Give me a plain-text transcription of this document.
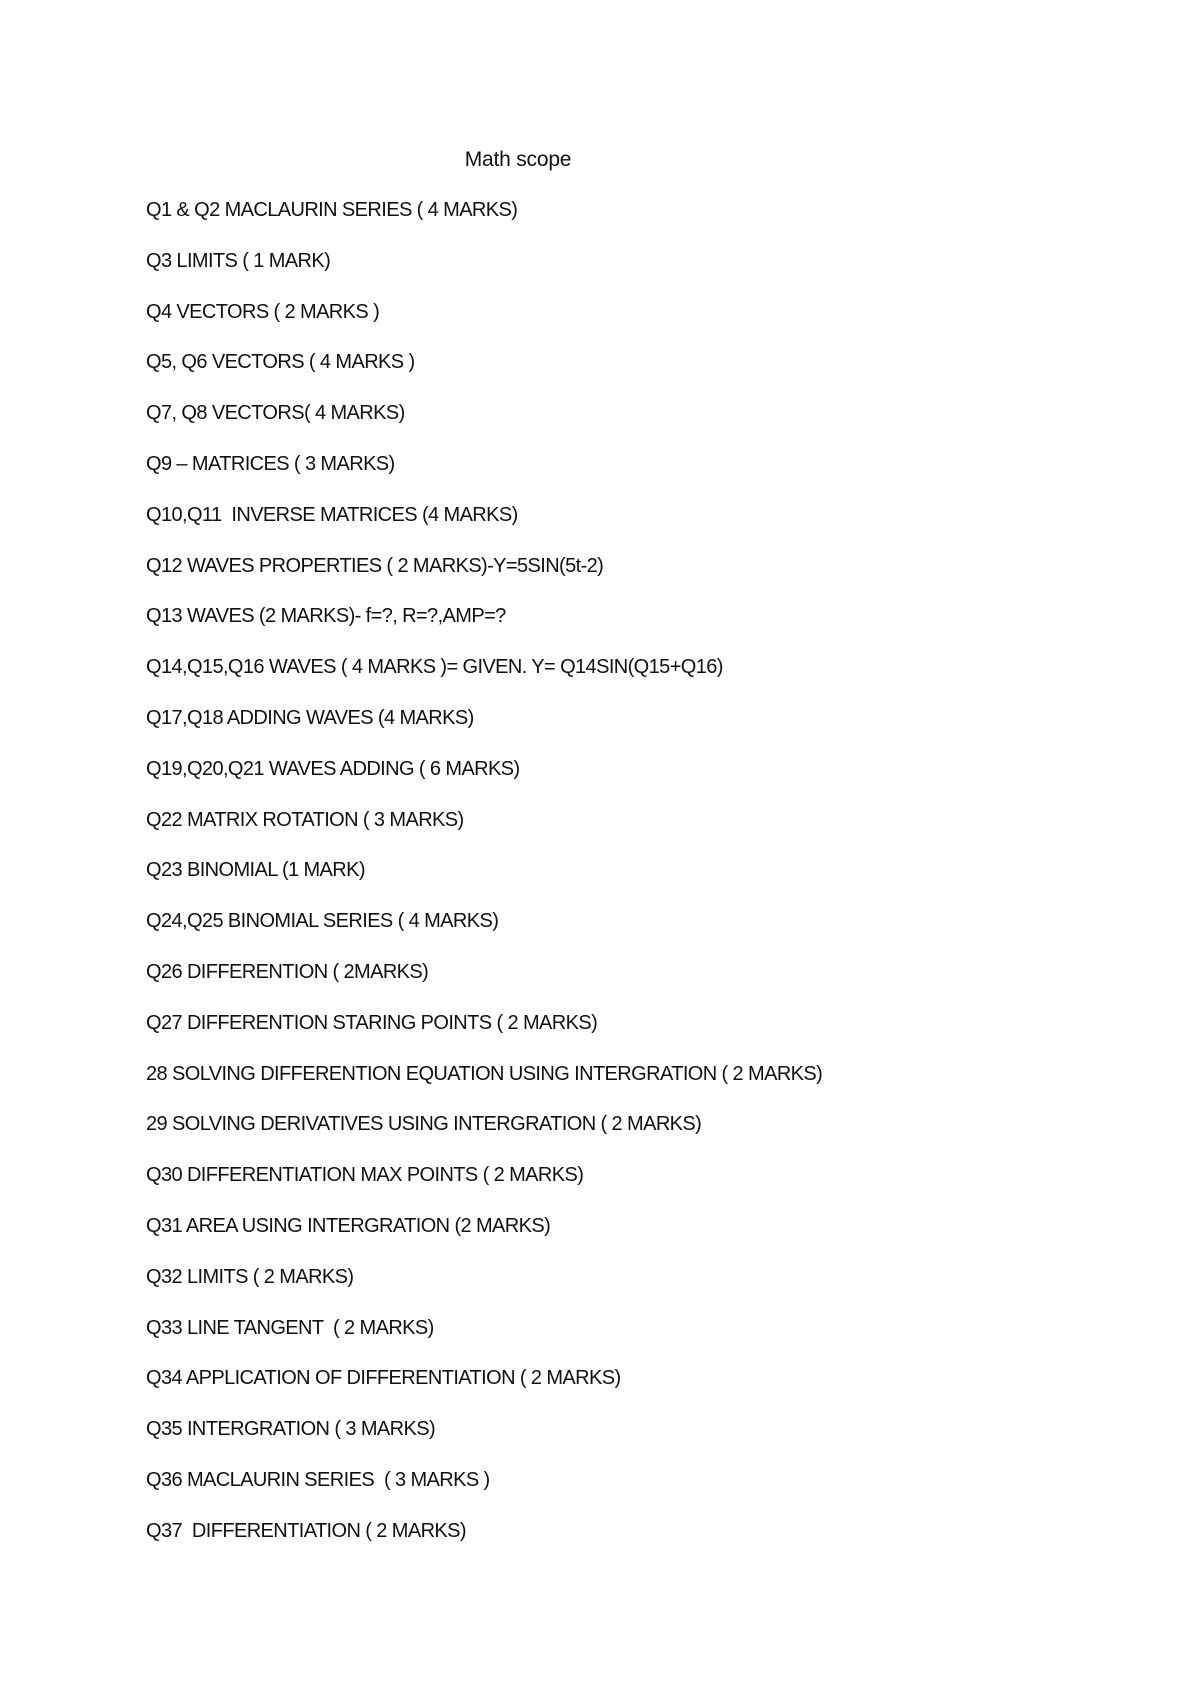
Math scope
Q1 & Q2 MACLAURIN SERIES ( 4 MARKS)
Q3 LIMITS ( 1 MARK)
Q4 VECTORS ( 2 MARKS )
Q5, Q6 VECTORS ( 4 MARKS )
Q7, Q8 VECTORS( 4 MARKS)
Q9 – MATRICES ( 3 MARKS)
Q10,Q11  INVERSE MATRICES (4 MARKS)
Q12 WAVES PROPERTIES ( 2 MARKS)-Y=5SIN(5t-2)
Q13 WAVES (2 MARKS)- f=?, R=?,AMP=?
Q14,Q15,Q16 WAVES ( 4 MARKS )= GIVEN. Y= Q14SIN(Q15+Q16)
Q17,Q18 ADDING WAVES (4 MARKS)
Q19,Q20,Q21 WAVES ADDING ( 6 MARKS)
Q22 MATRIX ROTATION ( 3 MARKS)
Q23 BINOMIAL (1 MARK)
Q24,Q25 BINOMIAL SERIES ( 4 MARKS)
Q26 DIFFERENTION ( 2MARKS)
Q27 DIFFERENTION STARING POINTS ( 2 MARKS)
28 SOLVING DIFFERENTION EQUATION USING INTERGRATION ( 2 MARKS)
29 SOLVING DERIVATIVES USING INTERGRATION ( 2 MARKS)
Q30 DIFFERENTIATION MAX POINTS ( 2 MARKS)
Q31 AREA USING INTERGRATION (2 MARKS)
Q32 LIMITS ( 2 MARKS)
Q33 LINE TANGENT  ( 2 MARKS)
Q34 APPLICATION OF DIFFERENTIATION ( 2 MARKS)
Q35 INTERGRATION ( 3 MARKS)
Q36 MACLAURIN SERIES  ( 3 MARKS )
Q37  DIFFERENTIATION ( 2 MARKS)
